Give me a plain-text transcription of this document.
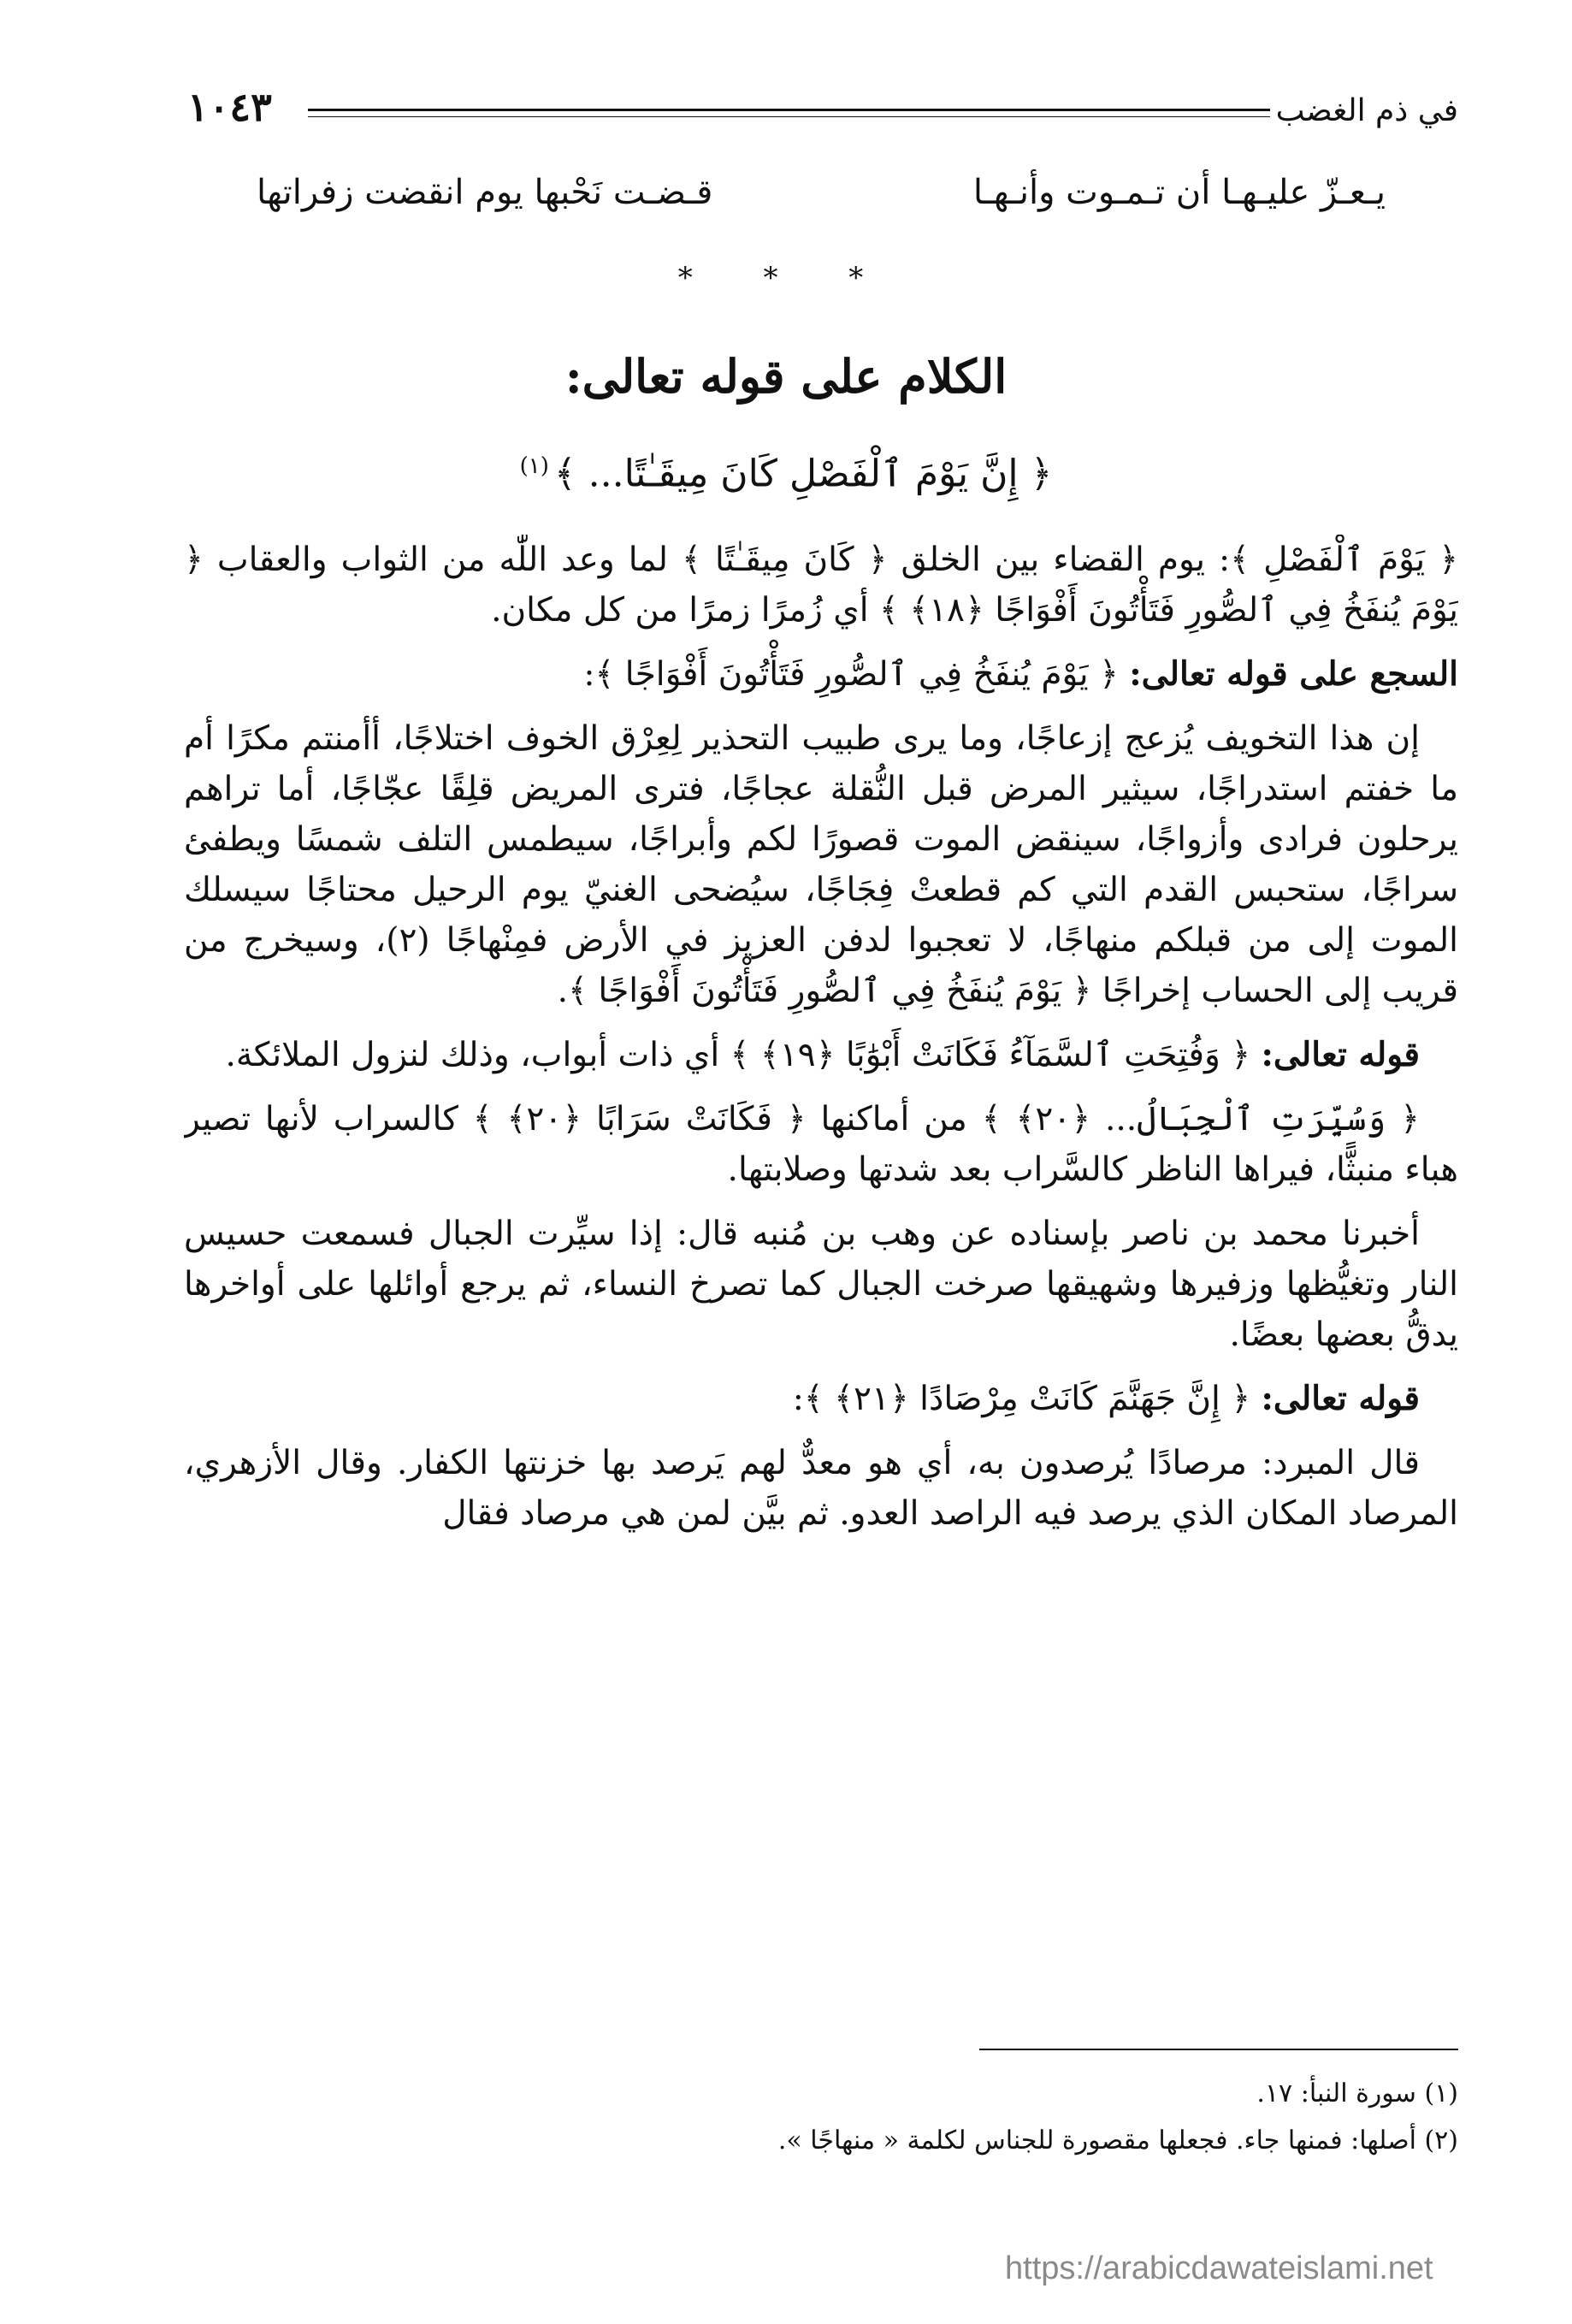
في ذم الغضب
١٠٤٣
يـعـزّ عليـهـا أن تـمـوت وأنـهـا
قـضـت نَحْبها يوم انقضت زفراتها
* * *
الكلام على قوله تعالى:
﴿ إِنَّ يَوْمَ ٱلْفَصْلِ كَانَ مِيقَـٰتًا... ﴾$^{(١)}$

﴿ يَوْمَ ٱلْفَصْلِ ﴾: يوم القضاء بين الخلق ﴿ كَانَ مِيقَـٰتًا ﴾ لما وعد اللّٰه من الثواب والعقاب ﴿ يَوْمَ يُنفَخُ فِي ٱلصُّورِ فَتَأْتُونَ أَفْوَاجًا ﴿١٨﴾ ﴾ أي زُمرًا زمرًا من كل مكان.

السجع على قوله تعالى: ﴿ يَوْمَ يُنفَخُ فِي ٱلصُّورِ فَتَأْتُونَ أَفْوَاجًا ﴾:

إن هذا التخويف يُزعج إزعاجًا، وما يرى طبيب التحذير لِعِرْق الخوف اختلاجًا، أأمنتم مكرًا أم ما خفتم استدراجًا، سيثير المرض قبل النُّقلة عجاجًا، فترى المريض قلِقًا عجّاجًا، أما تراهم يرحلون فرادى وأزواجًا، سينقض الموت قصورًا لكم وأبراجًا، سيطمس التلف شمسًا ويطفئ سراجًا، ستحبس القدم التي كم قطعتْ فِجَاجًا، سيُضحى الغنيّ يوم الرحيل محتاجًا سيسلك الموت إلى من قبلكم منهاجًا، لا تعجبوا لدفن العزيز في الأرض فمِنْهاجًا (٢)، وسيخرج من قريب إلى الحساب إخراجًا ﴿ يَوْمَ يُنفَخُ فِي ٱلصُّورِ فَتَأْتُونَ أَفْوَاجًا ﴾.

قوله تعالى: ﴿ وَفُتِحَتِ ٱلسَّمَآءُ فَكَانَتْ أَبْوَٰبًا ﴿١٩﴾ ﴾ أي ذات أبواب، وذلك لنزول الملائكة.

﴿ وَسُيِّرَتِ ٱلْجِبَالُ... ﴿٢٠﴾ ﴾ من أماكنها ﴿ فَكَانَتْ سَرَابًا ﴿٢٠﴾ ﴾ كالسراب لأنها تصير هباء منبثًّا، فيراها الناظر كالسَّراب بعد شدتها وصلابتها.

أخبرنا محمد بن ناصر بإسناده عن وهب بن مُنبه قال: إذا سيِّرت الجبال فسمعت حسيس النار وتغيُّظها وزفيرها وشهيقها صرخت الجبال كما تصرخ النساء، ثم يرجع أوائلها على أواخرها يدقُّ بعضها بعضًا.

قوله تعالى: ﴿ إِنَّ جَهَنَّمَ كَانَتْ مِرْصَادًا ﴿٢١﴾ ﴾:

قال المبرد: مرصادًا يُرصدون به، أي هو معدٌّ لهم يَرصد بها خزنتها الكفار. وقال الأزهري، المرصاد المكان الذي يرصد فيه الراصد العدو. ثم بيَّن لمن هي مرصاد فقال

(١) سورة النبأ: ١٧.
(٢) أصلها: فمنها جاء. فجعلها مقصورة للجناس لكلمة « منهاجًا ».
https://arabicdawateislami.net
